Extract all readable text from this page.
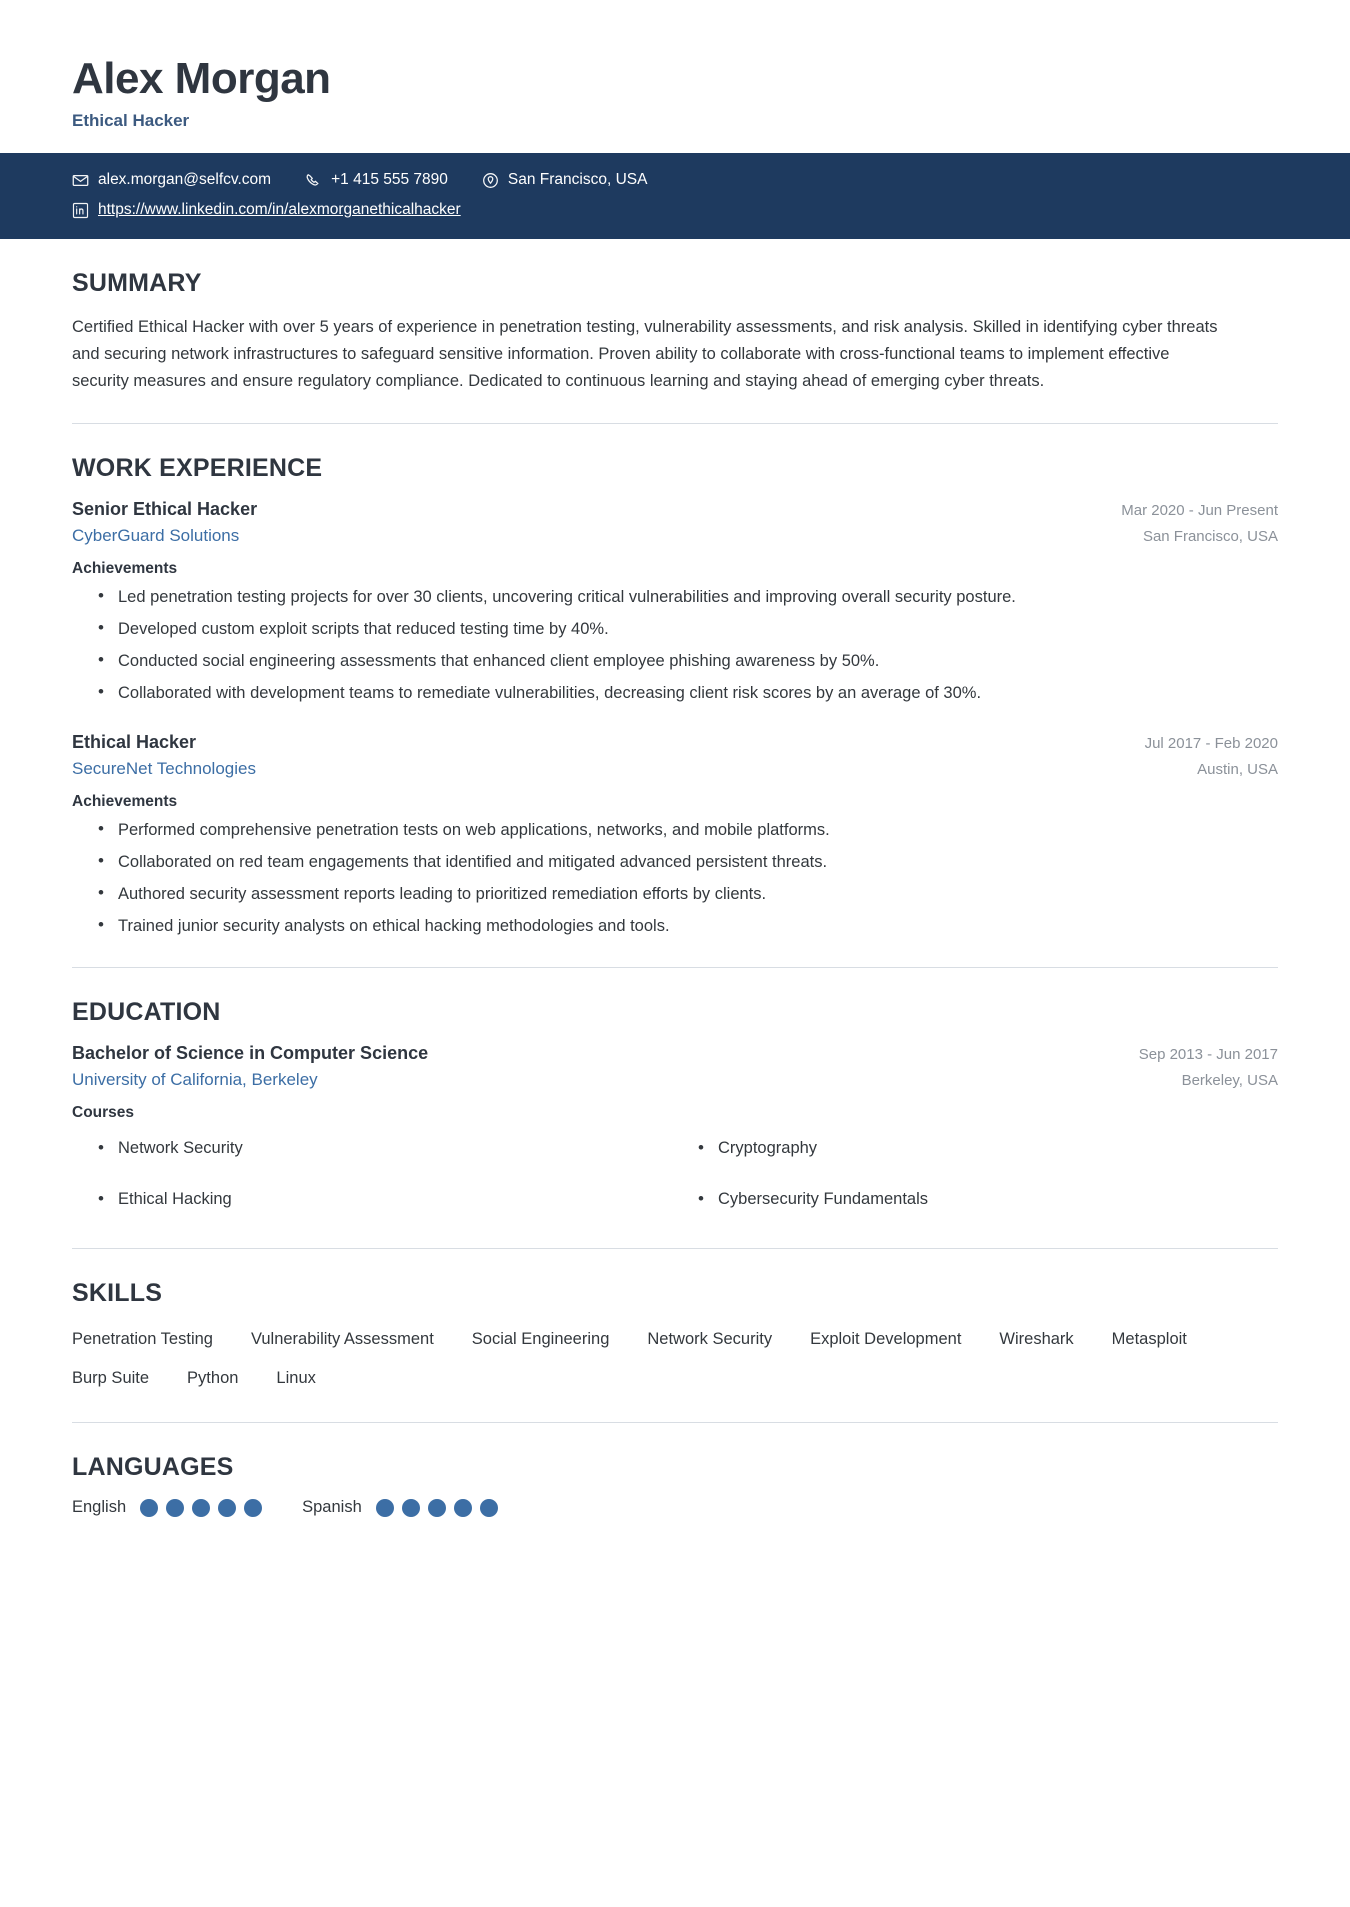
Alex Morgan
Ethical Hacker
alex.morgan@selfcv.com	+1 415 555 7890	San Francisco, USA
https://www.linkedin.com/in/alexmorganethicalhacker
SUMMARY

Certified Ethical Hacker with over 5 years of experience in penetration testing, vulnerability assessments, and risk analysis. Skilled in identifying cyber threats and securing network infrastructures to safeguard sensitive information. Proven ability to collaborate with cross-functional teams to implement effective security measures and ensure regulatory compliance. Dedicated to continuous learning and staying ahead of emerging cyber threats.

WORK EXPERIENCE
Senior Ethical Hacker	Mar 2020 - Jun Present
CyberGuard Solutions	San Francisco, USA
Achievements
• Led penetration testing projects for over 30 clients, uncovering critical vulnerabilities and improving overall security posture.
• Developed custom exploit scripts that reduced testing time by 40%.
• Conducted social engineering assessments that enhanced client employee phishing awareness by 50%.
• Collaborated with development teams to remediate vulnerabilities, decreasing client risk scores by an average of 30%.
Ethical Hacker	Jul 2017 - Feb 2020
SecureNet Technologies	Austin, USA
Achievements
• Performed comprehensive penetration tests on web applications, networks, and mobile platforms.
• Collaborated on red team engagements that identified and mitigated advanced persistent threats.
• Authored security assessment reports leading to prioritized remediation efforts by clients.
• Trained junior security analysts on ethical hacking methodologies and tools.
EDUCATION
Bachelor of Science in Computer Science	Sep 2013 - Jun 2017
University of California, Berkeley	Berkeley, USA
Courses
• Network Security	• Cryptography
• Ethical Hacking	• Cybersecurity Fundamentals
SKILLS
Penetration Testing Vulnerability Assessment Social Engineering Network Security Exploit Development Wireshark Metasploit
Burp Suite Python Linux
LANGUAGES
English	Spanish
